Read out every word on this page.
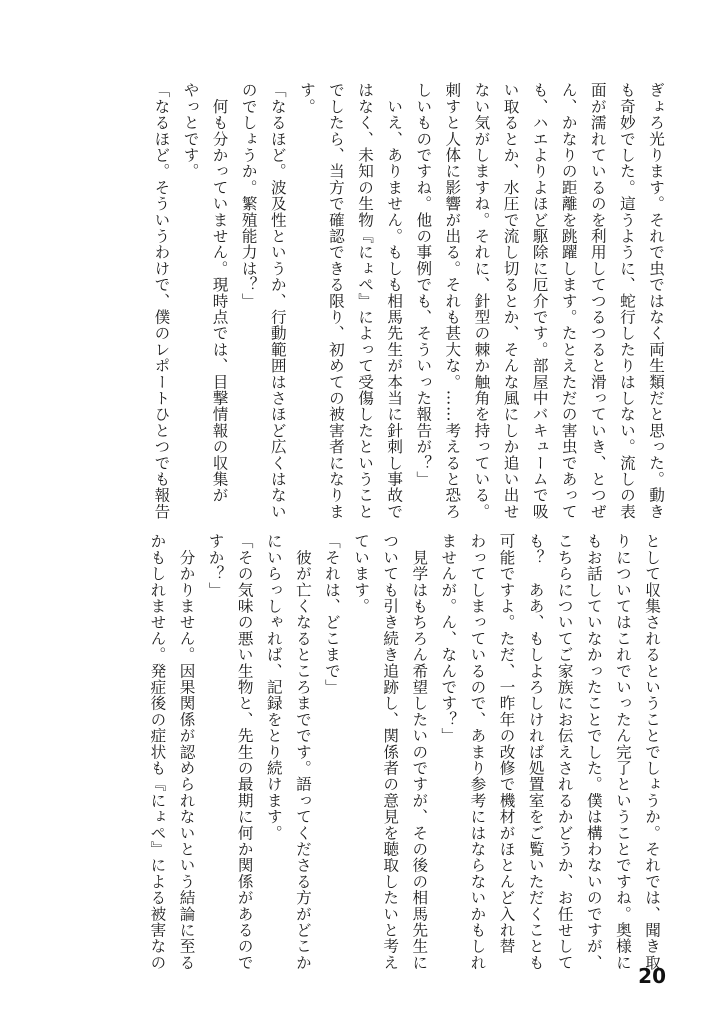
ぎょろ光ります。それで虫ではなく両生類だと思った。動き
も奇妙でした。這うように、蛇行したりはしない。流しの表
面が濡れているのを利用してつるつると滑っていき、とつぜ
ん、かなりの距離を跳躍します。たとえただの害虫であって
も、ハエよりよほど駆除に厄介です。部屋中バキュームで吸
い取るとか、水圧で流し切るとか、そんな風にしか追い出せ
ない気がしますね。それに、針型の棘か触角を持っている。
刺すと人体に影響が出る。それも甚大な。……考えると恐ろ
しいものですね。他の事例でも、そういった報告が？」
　いえ、ありません。もしも相馬先生が本当に針刺し事故で
はなく、未知の生物『にょぺ』によって受傷したということ
でしたら、当方で確認できる限り、初めての被害者になりま
す。
「なるほど。波及性というか、行動範囲はさほど広くはない
のでしょうか。繁殖能力は？」
　何も分かっていません。現時点では、目撃情報の収集が
やっとです。
「なるほど。そういうわけで、僕のレポートひとつでも報告
として収集されるということでしょうか。それでは、聞き取
りについてはこれでいったん完了ということですね。奥様に
もお話していなかったことでした。僕は構わないのですが、
こちらについてご家族にお伝えされるかどうか、お任せして
も？　ああ、もしよろしければ処置室をご覧いただくことも
可能ですよ。ただ、一昨年の改修で機材がほとんど入れ替
わってしまっているので、あまり参考にはならないかもしれ
ませんが。ん、なんです？」
　見学はもちろん希望したいのですが、その後の相馬先生に
ついても引き続き追跡し、関係者の意見を聴取したいと考え
ています。
「それは、どこまで」
　彼が亡くなるところまでです。語ってくださる方がどこか
にいらっしゃれば、記録をとり続けます。
「その気味の悪い生物と、先生の最期に何か関係があるので
すか？」
　分かりません。因果関係が認められないという結論に至る
かもしれません。発症後の症状も『にょぺ』による被害なの
20
